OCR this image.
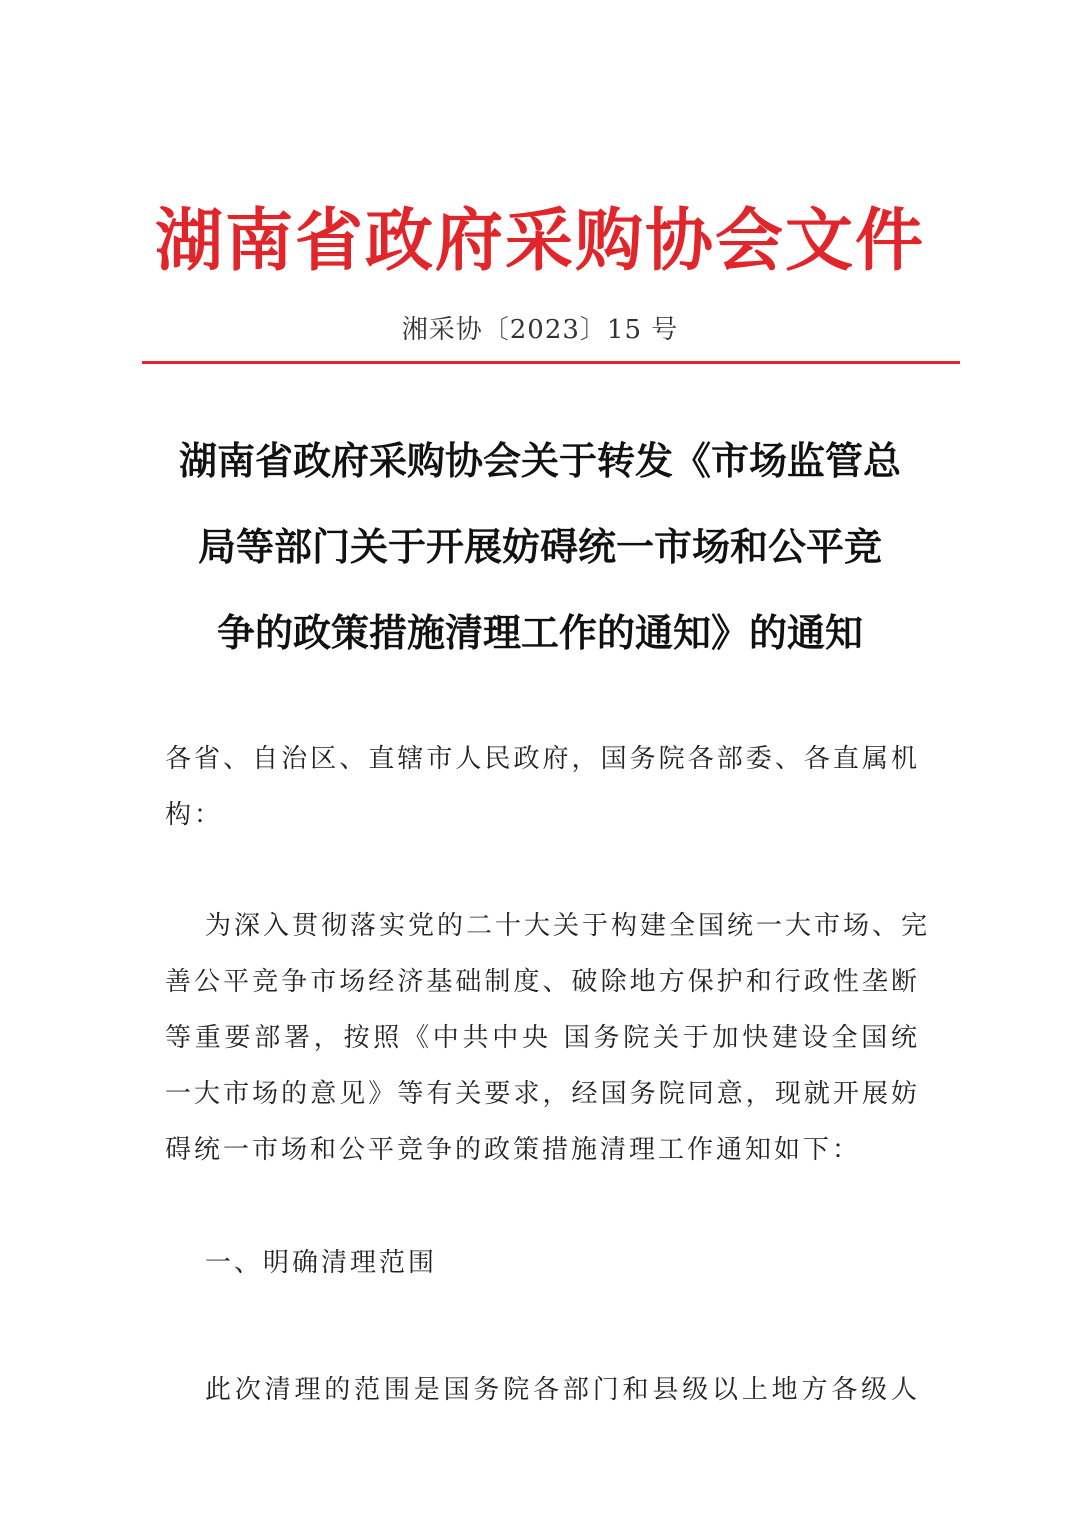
湖南省政府采购协会文件
湘采协〔2023〕15 号
湖南省政府采购协会关于转发《市场监管总
局等部门关于开展妨碍统一市场和公平竞
争的政策措施清理工作的通知》的通知
各省、自治区、直辖市人民政府，国务院各部委、各直属机
构：
为深入贯彻落实党的二十大关于构建全国统一大市场、完
善公平竞争市场经济基础制度、破除地方保护和行政性垄断
等重要部署，按照《中共中央 国务院关于加快建设全国统
一大市场的意见》等有关要求，经国务院同意，现就开展妨
碍统一市场和公平竞争的政策措施清理工作通知如下：
一、明确清理范围
此次清理的范围是国务院各部门和县级以上地方各级人
